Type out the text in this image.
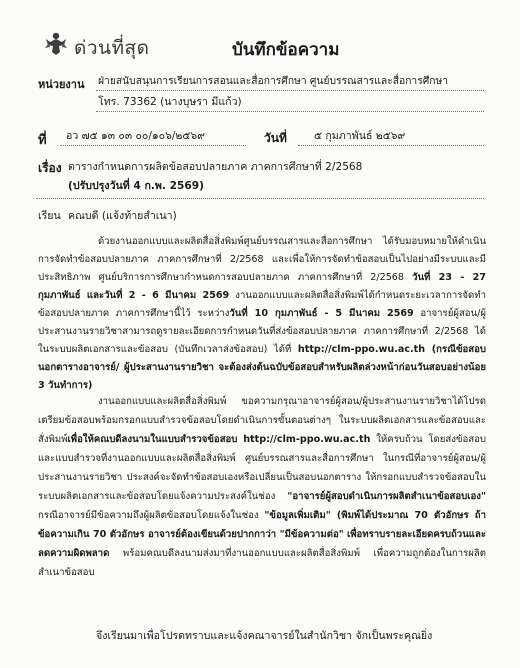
ด่วนที่สุด	บันทึกข้อความ
หน่วยงาน ฝ่ายสนับสนุนการเรียนการสอนและสื่อการศึกษา ศูนย์บรรณสารและสื่อการศึกษา
โทร. 73362 (นางบุษรา มีแก้ว)
ที่ อว ๗๕ ๑๓ ๐๓ ๐๐/๑๐๖/๒๕๖๙	วันที่	๕ กุมภาพันธ์ ๒๕๖๙
เรื่อง ตารางกำหนดการผลิตข้อสอบปลายภาค ภาคการศึกษาที่ 2/2568
(ปรับปรุงวันที่ 4 ก.พ. 2569)
เรียน คณบดี (แจ้งท้ายสำเนา)

ด้วยงานออกแบบและผลิตสื่อสิ่งพิมพ์ศูนย์บรรณสารและสื่อการศึกษา ได้รับมอบหมายให้ดำเนินการจัดทำข้อสอบปลายภาค ภาคการศึกษาที่ 2/2568 และเพื่อให้การจัดทำข้อสอบเป็นไปอย่างมีระบบและมีประสิทธิภาพ ศูนย์บริการการศึกษากำหนดการสอบปลายภาค ภาคการศึกษาที่ 2/2568 วันที่ 23 - 27 กุมภาพันธ์ และวันที่ 2 - 6 มีนาคม 2569 งานออกแบบและผลิตสื่อสิ่งพิมพ์ได้กำหนดระยะเวลาการจัดทำข้อสอบปลายภาค ภาคการศึกษานี้ไว้ ระหว่างวันที่ 10 กุมภาพันธ์ - 5 มีนาคม 2569 อาจารย์ผู้สอน/ผู้ประสานงานรายวิชาสามารถดูรายละเอียดการกำหนดวันที่ส่งข้อสอบปลายภาค ภาคการศึกษาที่ 2/2568 ได้ในระบบผลิตเอกสารและข้อสอบ (บันทึกเวลาส่งข้อสอบ) ได้ที่ http://clm-ppo.wu.ac.th (กรณีข้อสอบนอกตารางอาจารย์/ ผู้ประสานงานรายวิชา จะต้องส่งต้นฉบับข้อสอบสำหรับผลิตล่วงหน้าก่อนวันสอบอย่างน้อย 3 วันทำการ)

งานออกแบบและผลิตสื่อสิ่งพิมพ์ ขอความกรุณาอาจารย์ผู้สอน/ผู้ประสานงานรายวิชาได้โปรดเตรียมข้อสอบพร้อมกรอกแบบสำรวจข้อสอบโดยดำเนินการขั้นตอนต่างๆ ในระบบผลิตเอกสารและข้อสอบและสั่งพิมพ์เพื่อให้คณบดีลงนามในแบบสำรวจข้อสอบ http://clm-ppo.wu.ac.th ให้ครบถ้วน โดยส่งข้อสอบและแบบสำรวจที่งานออกแบบและผลิตสื่อสิ่งพิมพ์ ศูนย์บรรณสารและสื่อการศึกษา ในกรณีที่อาจารย์ผู้สอน/ผู้ประสานงานรายวิชา ประสงค์จะจัดทำข้อสอบเองหรือเปลี่ยนเป็นสอบนอกตาราง ให้กรอกแบบสำรวจข้อสอบในระบบผลิตเอกสารและข้อสอบโดยแจ้งความประสงค์ในช่อง "อาจารย์ผู้สอบดำเนินการผลิตสำเนาข้อสอบเอง" กรณีอาจารย์มีข้อความถึงผู้ผลิตข้อสอบโดยแจ้งในช่อง "ข้อมูลเพิ่มเติม" (พิมพ์ได้ประมาณ 70 ตัวอักษร ถ้าข้อความเกิน 70 ตัวอักษร อาจารย์ต้องเขียนด้วยปากกาว่า "มีข้อความต่อ" เพื่อทราบรายละเอียดครบถ้วนและลดความผิดพลาด พร้อมคณบดีลงนามส่งมาที่งานออกแบบและผลิตสื่อสิ่งพิมพ์ เพื่อความถูกต้องในการผลิตสำเนาข้อสอบ

จึงเรียนมาเพื่อโปรดทราบและแจ้งคณาจารย์ในสำนักวิชา จักเป็นพระคุณยิ่ง
